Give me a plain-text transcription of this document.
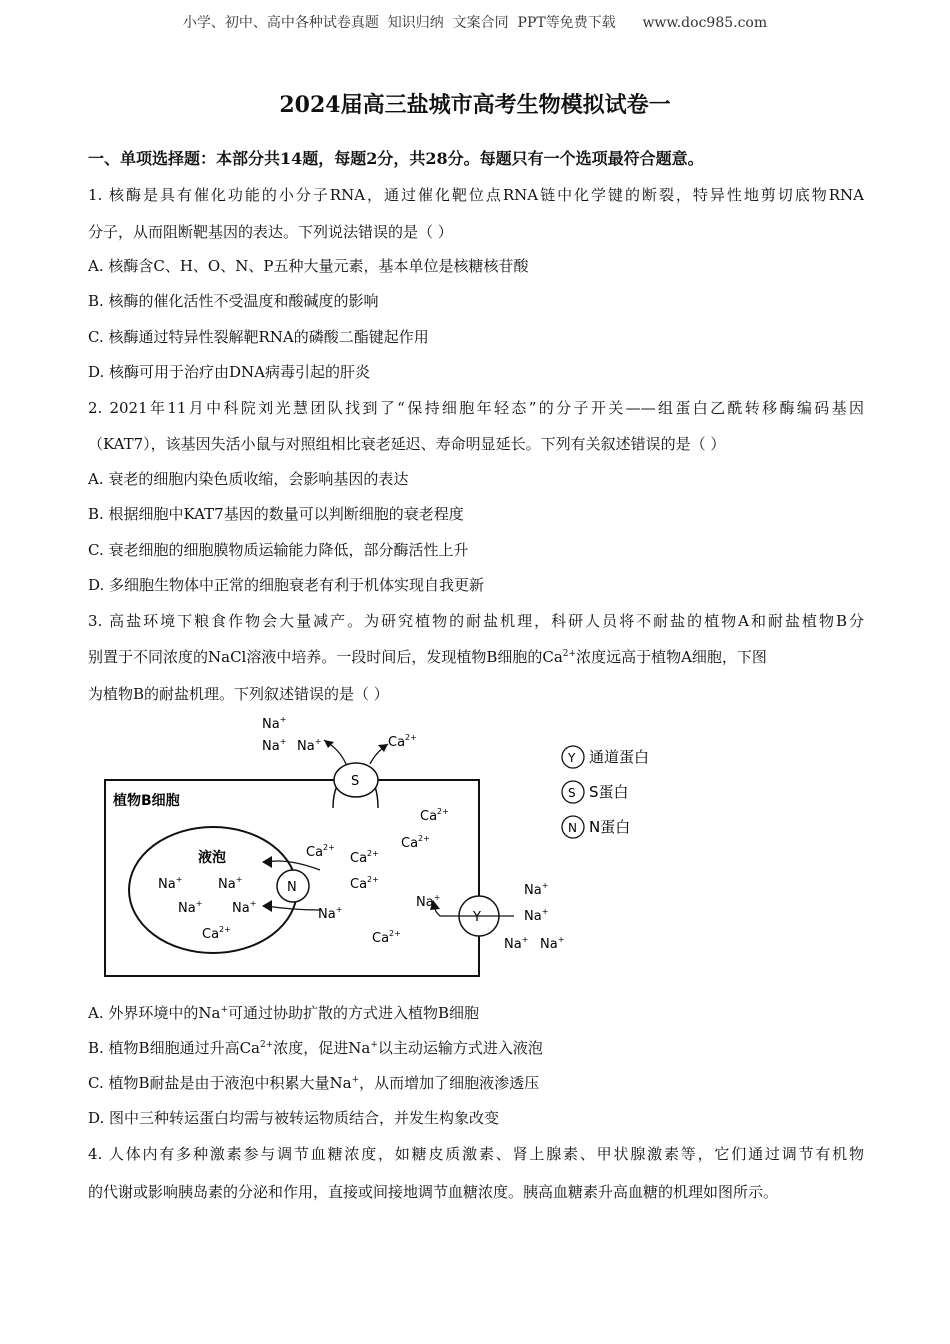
小学、初中、高中各种试卷真题  知识归纳  文案合同  PPT等免费下载      www.doc985.com
2024届高三盐城市高考生物模拟试卷一
一、单项选择题：本部分共14题，每题2分，共28分。每题只有一个选项最符合题意。
1. 核酶是具有催化功能的小分子RNA，通过催化靶位点RNA链中化学键的断裂，特异性地剪切底物RNA
分子，从而阻断靶基因的表达。下列说法错误的是（ ）
A. 核酶含C、H、O、N、P五种大量元素，基本单位是核糖核苷酸
B. 核酶的催化活性不受温度和酸碱度的影响
C. 核酶通过特异性裂解靶RNA的磷酸二酯键起作用
D. 核酶可用于治疗由DNA病毒引起的肝炎
2. 2021年11月中科院刘光慧团队找到了“保持细胞年轻态”的分子开关——组蛋白乙酰转移酶编码基因
（KAT7），该基因失活小鼠与对照组相比衰老延迟、寿命明显延长。下列有关叙述错误的是（ ）
A. 衰老的细胞内染色质收缩，会影响基因的表达
B. 根据细胞中KAT7基因的数量可以判断细胞的衰老程度
C. 衰老细胞的细胞膜物质运输能力降低，部分酶活性上升
D. 多细胞生物体中正常的细胞衰老有利于机体实现自我更新
3. 高盐环境下粮食作物会大量减产。为研究植物的耐盐机理，科研人员将不耐盐的植物A和耐盐植物B分
别置于不同浓度的NaCl溶液中培养。一段时间后，发现植物B细胞的$Ca^{2+}$浓度远高于植物A细胞，下图
为植物B的耐盐机理。下列叙述错误的是（ ）
植物B细胞
液泡
S
N
Y
Na+
Na+ Na+	$Ca^{2+}$
$Ca^{2+}$
$Ca^{2+}$
$Ca^{2+}$
$Ca^{2+}$
$Ca^{2+}$
Na+	Na+
Na+ Na+
$Ca^{2+}$
Na+	Na+
$Ca^{2+}$
Na+
Na+
Na+ Na+
Y 通道蛋白
S S蛋白
N N蛋白
A. 外界环境中的Na+可通过协助扩散的方式进入植物B细胞
B. 植物B细胞通过升高$Ca^{2+}$浓度，促进Na+以主动运输方式进入液泡
C. 植物B耐盐是由于液泡中积累大量Na+，从而增加了细胞液渗透压
D. 图中三种转运蛋白均需与被转运物质结合，并发生构象改变
4. 人体内有多种激素参与调节血糖浓度，如糖皮质激素、肾上腺素、甲状腺激素等，它们通过调节有机物
的代谢或影响胰岛素的分泌和作用，直接或间接地调节血糖浓度。胰高血糖素升高血糖的机理如图所示。
